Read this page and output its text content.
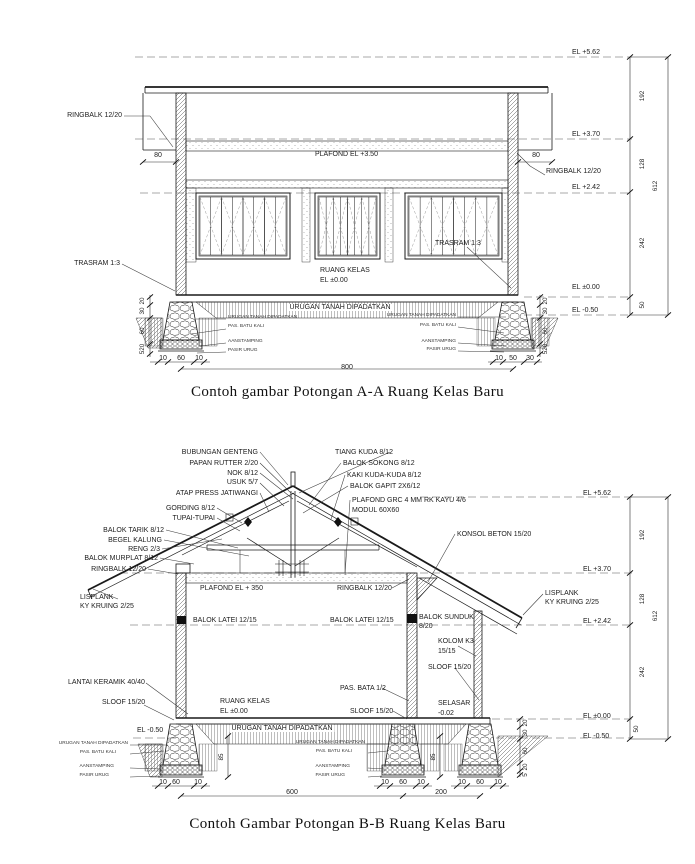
RINGBALK 12/20
80	PLAFOND EL +3.50	80
RINGBALK 12/20
EL +5.62
EL +3.70
EL +2.42
EL ±0.00
EL -0.50
TRASRAM 1:3
TRASRAM 1:3
RUANG KELAS
EL ±0.00
URUGAN TANAH DIPADATKAN
URUGAN TANAH DIPADATKAN
PAS. BATU KALI
AANSTAMPING
PASIR URUG
URUGAN TANAH DIPADATKAN
PAS. BATU KALI
AANSTAMPING
PASIR URUG
20
30
60
520
20
30
60
520
10 60 10	10 50 30
800
192
128
242
50
612
BUBUNGAN GENTENG
PAPAN RUTTER 2/20
NOK 8/12
USUK 5/7
ATAP PRESS JATIWANGI
GORDING 8/12
TUPAI-TUPAI
BALOK TARIK 8/12
BEGEL KALUNG
RENG 2/3
BALOK MURPLAT 8/12
RINGBALK 12/20
LISPLANK
KY KRUING 2/25
TIANG KUDA 8/12
BALOK SOKONG 8/12
KAKI KUDA-KUDA 8/12
BALOK GAPIT 2X6/12
PLAFOND GRC 4 MM RK KAYU 4/6
MODUL 60X60
KONSOL BETON 15/20
LISPLANK
KY KRUING 2/25
EL +5.62
EL +3.70
EL +2.42
EL ±0.00
EL -0.50
PLAFOND EL + 350	RINGBALK 12/20
BALOK LATEI 12/15	BALOK LATEI 12/15	BALOK SUNDUK
8/20
KOLOM K3
15/15
SLOOF 15/20
PAS. BATA 1/2
SELASAR
-0.02
SLOOF 15/20
LANTAI KERAMIK 40/40
SLOOF 15/20	RUANG KELAS
EL ±0.00
EL -0.50	URUGAN TANAH DIPADATKAN
URUGAN TANAH DIPADATKAN
PAS. BATU KALI
AANSTAMPING
PASIR URUG
URUGAN TANAH DIPADATKAN
PAS. BATU KALI
AANSTAMPING
PASIR URUG
85	85
20
30
60
20
5
50
10 60 10	10 60 10	10 60 10
600	200
192
128
242
612
Contoh gambar Potongan A-A Ruang Kelas Baru
Contoh Gambar Potongan B-B Ruang Kelas Baru
